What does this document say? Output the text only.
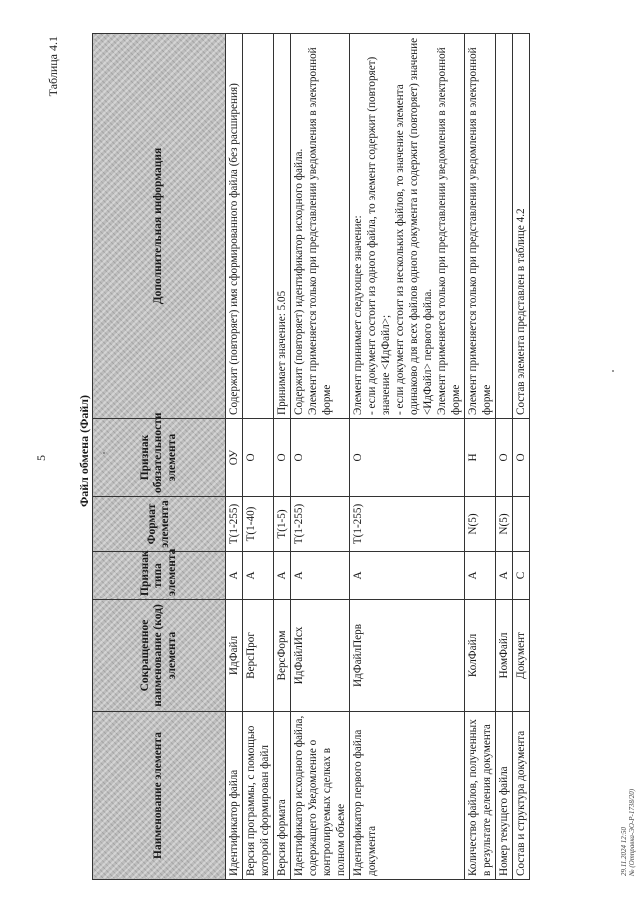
5
Таблица 4.1
Файл обмена (Файл)
Наименование элемента	Сокращенное наименование (код) элемента	Признак типа элемента	Формат элемента	Признак обязательности элемента	Дополнительная информация
Идентификатор файла	ИдФайл	А	Т(1-255)	ОУ	Содержит (повторяет) имя сформированного файла (без расширения)

Версия программы, с помощью которой сформирован файл	ВерсПрог	А	Т(1-40)	О	
Версия формата	ВерсФорм	А	Т(1-5)	О	Принимает значение: 5.05

Идентификатор исходного файла, содержащего Уведомление о контролируемых сделках в полном объеме	ИдФайлИсх	А	Т(1-255)	О	Содержит (повторяет) идентификатор исходного файла. Элемент применяется только при представлении уведомления в электронной форме

Идентификатор первого файла документа	ИдФайлПерв	А	Т(1-255)	О	Элемент принимает следующее значение: - если документ состоит из одного файла, то элемент содержит (повторяет) значение <ИдФайл>; - если документ состоит из нескольких файлов, то значение элемента одинаково для всех файлов одного документа и содержит (повторяет) значение <ИдФайл> первого файла. Элемент применяется только при представлении уведомления в электронной форме

Количество файлов, полученных в результате деления документа	КолФайл	А	N(5)	Н	Элемент применяется только при представлении уведомления в электронной форме

Номер текущего файла	НомФайл	А	N(5)	О	
Состав и структура документа	Документ	С		О	Состав элемента представлен в таблице 4.2
29.11.2024 12:50 № (Отправка-ЭО-Р-1738/20)
